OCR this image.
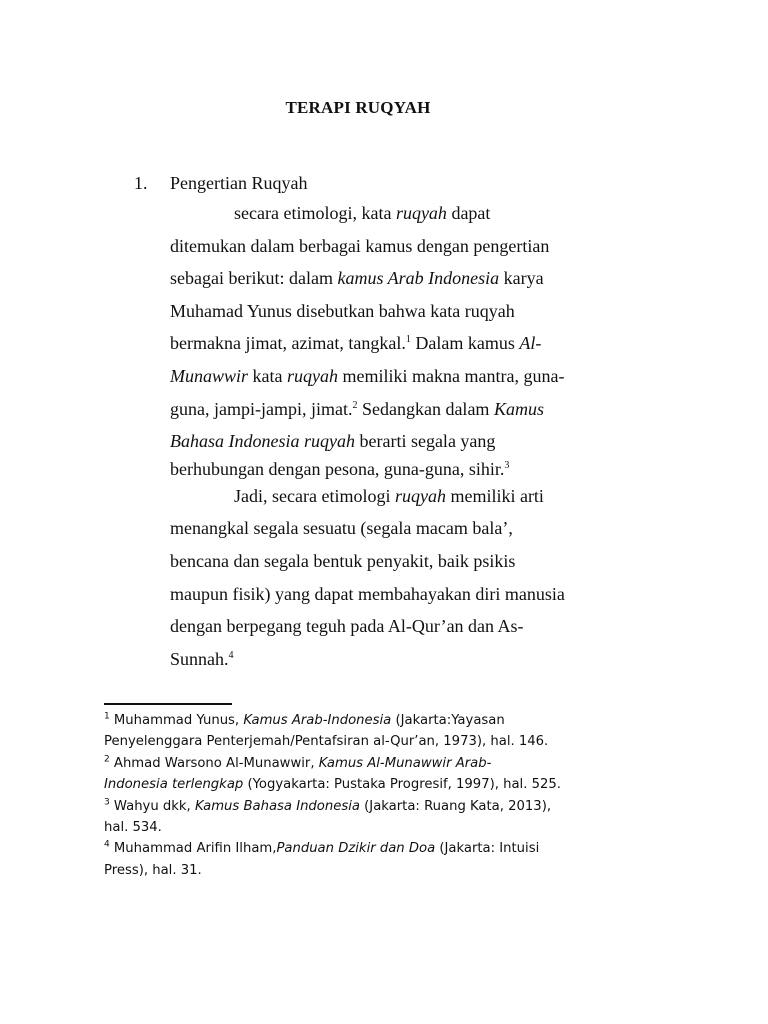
TERAPI RUQYAH
1.	Pengertian Ruqyah

secara etimologi, kata ruqyah dapat
ditemukan dalam berbagai kamus dengan pengertian
sebagai berikut: dalam kamus Arab Indonesia karya
Muhamad Yunus disebutkan bahwa kata ruqyah
bermakna jimat, azimat, tangkal.$^1$ Dalam kamus Al-
Munawwir kata ruqyah memiliki makna mantra, guna-
guna, jampi-jampi, jimat.$^2$ Sedangkan dalam Kamus
Bahasa Indonesia ruqyah berarti segala yang
berhubungan dengan pesona, guna-guna, sihir.$^3$

Jadi, secara etimologi ruqyah memiliki arti
menangkal segala sesuatu (segala macam bala’,
bencana dan segala bentuk penyakit, baik psikis
maupun fisik) yang dapat membahayakan diri manusia
dengan berpegang teguh pada Al-Qur’an dan As-
Sunnah.$^4$

$^1$ Muhammad Yunus, Kamus Arab-Indonesia (Jakarta:Yayasan
Penyelenggara Penterjemah/Pentafsiran al-Qur’an, 1973), hal. 146.
$^2$ Ahmad Warsono Al-Munawwir, Kamus Al-Munawwir Arab-
Indonesia terlengkap (Yogyakarta: Pustaka Progresif, 1997), hal. 525.
$^3$ Wahyu dkk, Kamus Bahasa Indonesia (Jakarta: Ruang Kata, 2013),
hal. 534.
$^4$ Muhammad Arifin Ilham,Panduan Dzikir dan Doa (Jakarta: Intuisi
Press), hal. 31.
